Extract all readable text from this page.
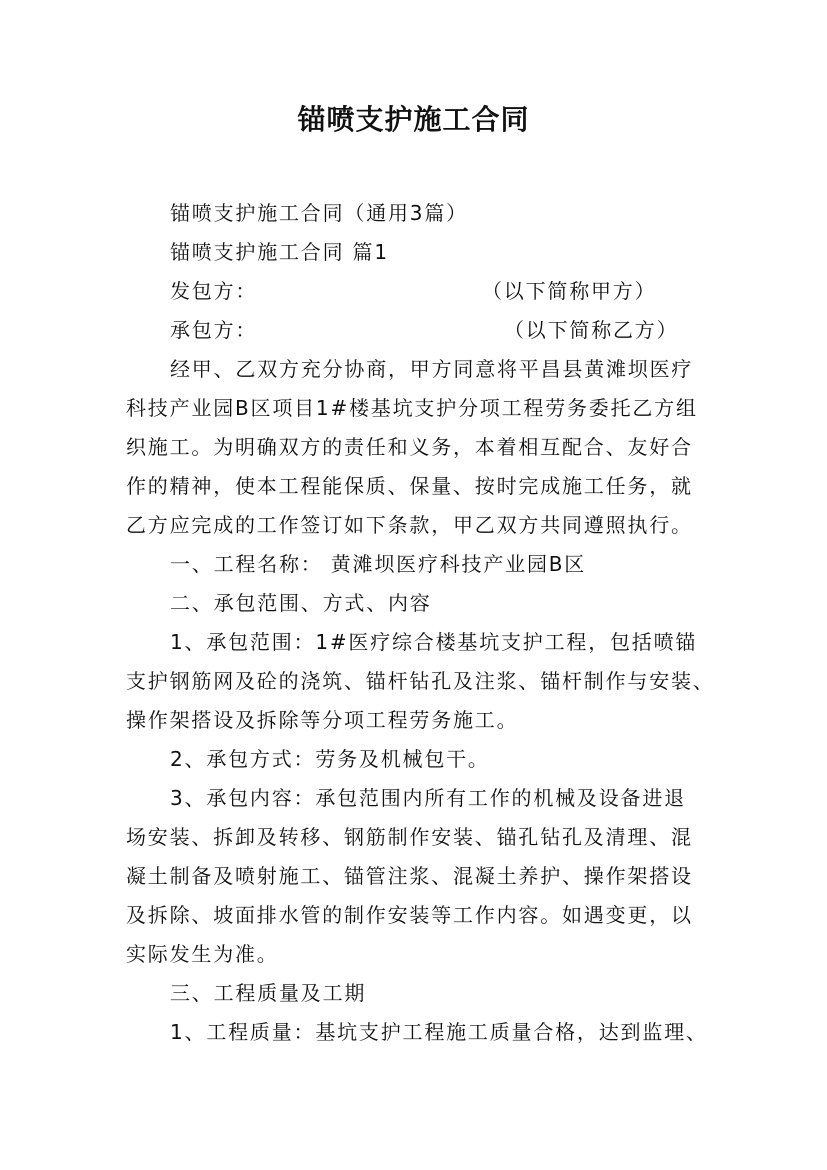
锚喷支护施工合同
锚喷支护施工合同（通用3篇）
锚喷支护施工合同 篇1
发包方：	（以下简称甲方）
承包方：	（以下简称乙方）
经甲、乙双方充分协商，甲方同意将平昌县黄滩坝医疗
科技产业园B区项目1#楼基坑支护分项工程劳务委托乙方组
织施工。为明确双方的责任和义务，本着相互配合、友好合
作的精神，使本工程能保质、保量、按时完成施工任务，就
乙方应完成的工作签订如下条款，甲乙双方共同遵照执行。
一、工程名称： 黄滩坝医疗科技产业园B区
二、承包范围、方式、内容
1、承包范围：1#医疗综合楼基坑支护工程，包括喷锚
支护钢筋网及砼的浇筑、锚杆钻孔及注浆、锚杆制作与安装、
操作架搭设及拆除等分项工程劳务施工。
2、承包方式：劳务及机械包干。
3、承包内容：承包范围内所有工作的机械及设备进退
场安装、拆卸及转移、钢筋制作安装、锚孔钻孔及清理、混
凝土制备及喷射施工、锚管注浆、混凝土养护、操作架搭设
及拆除、坡面排水管的制作安装等工作内容。如遇变更，以
实际发生为准。
三、工程质量及工期
1、工程质量：基坑支护工程施工质量合格，达到监理、
